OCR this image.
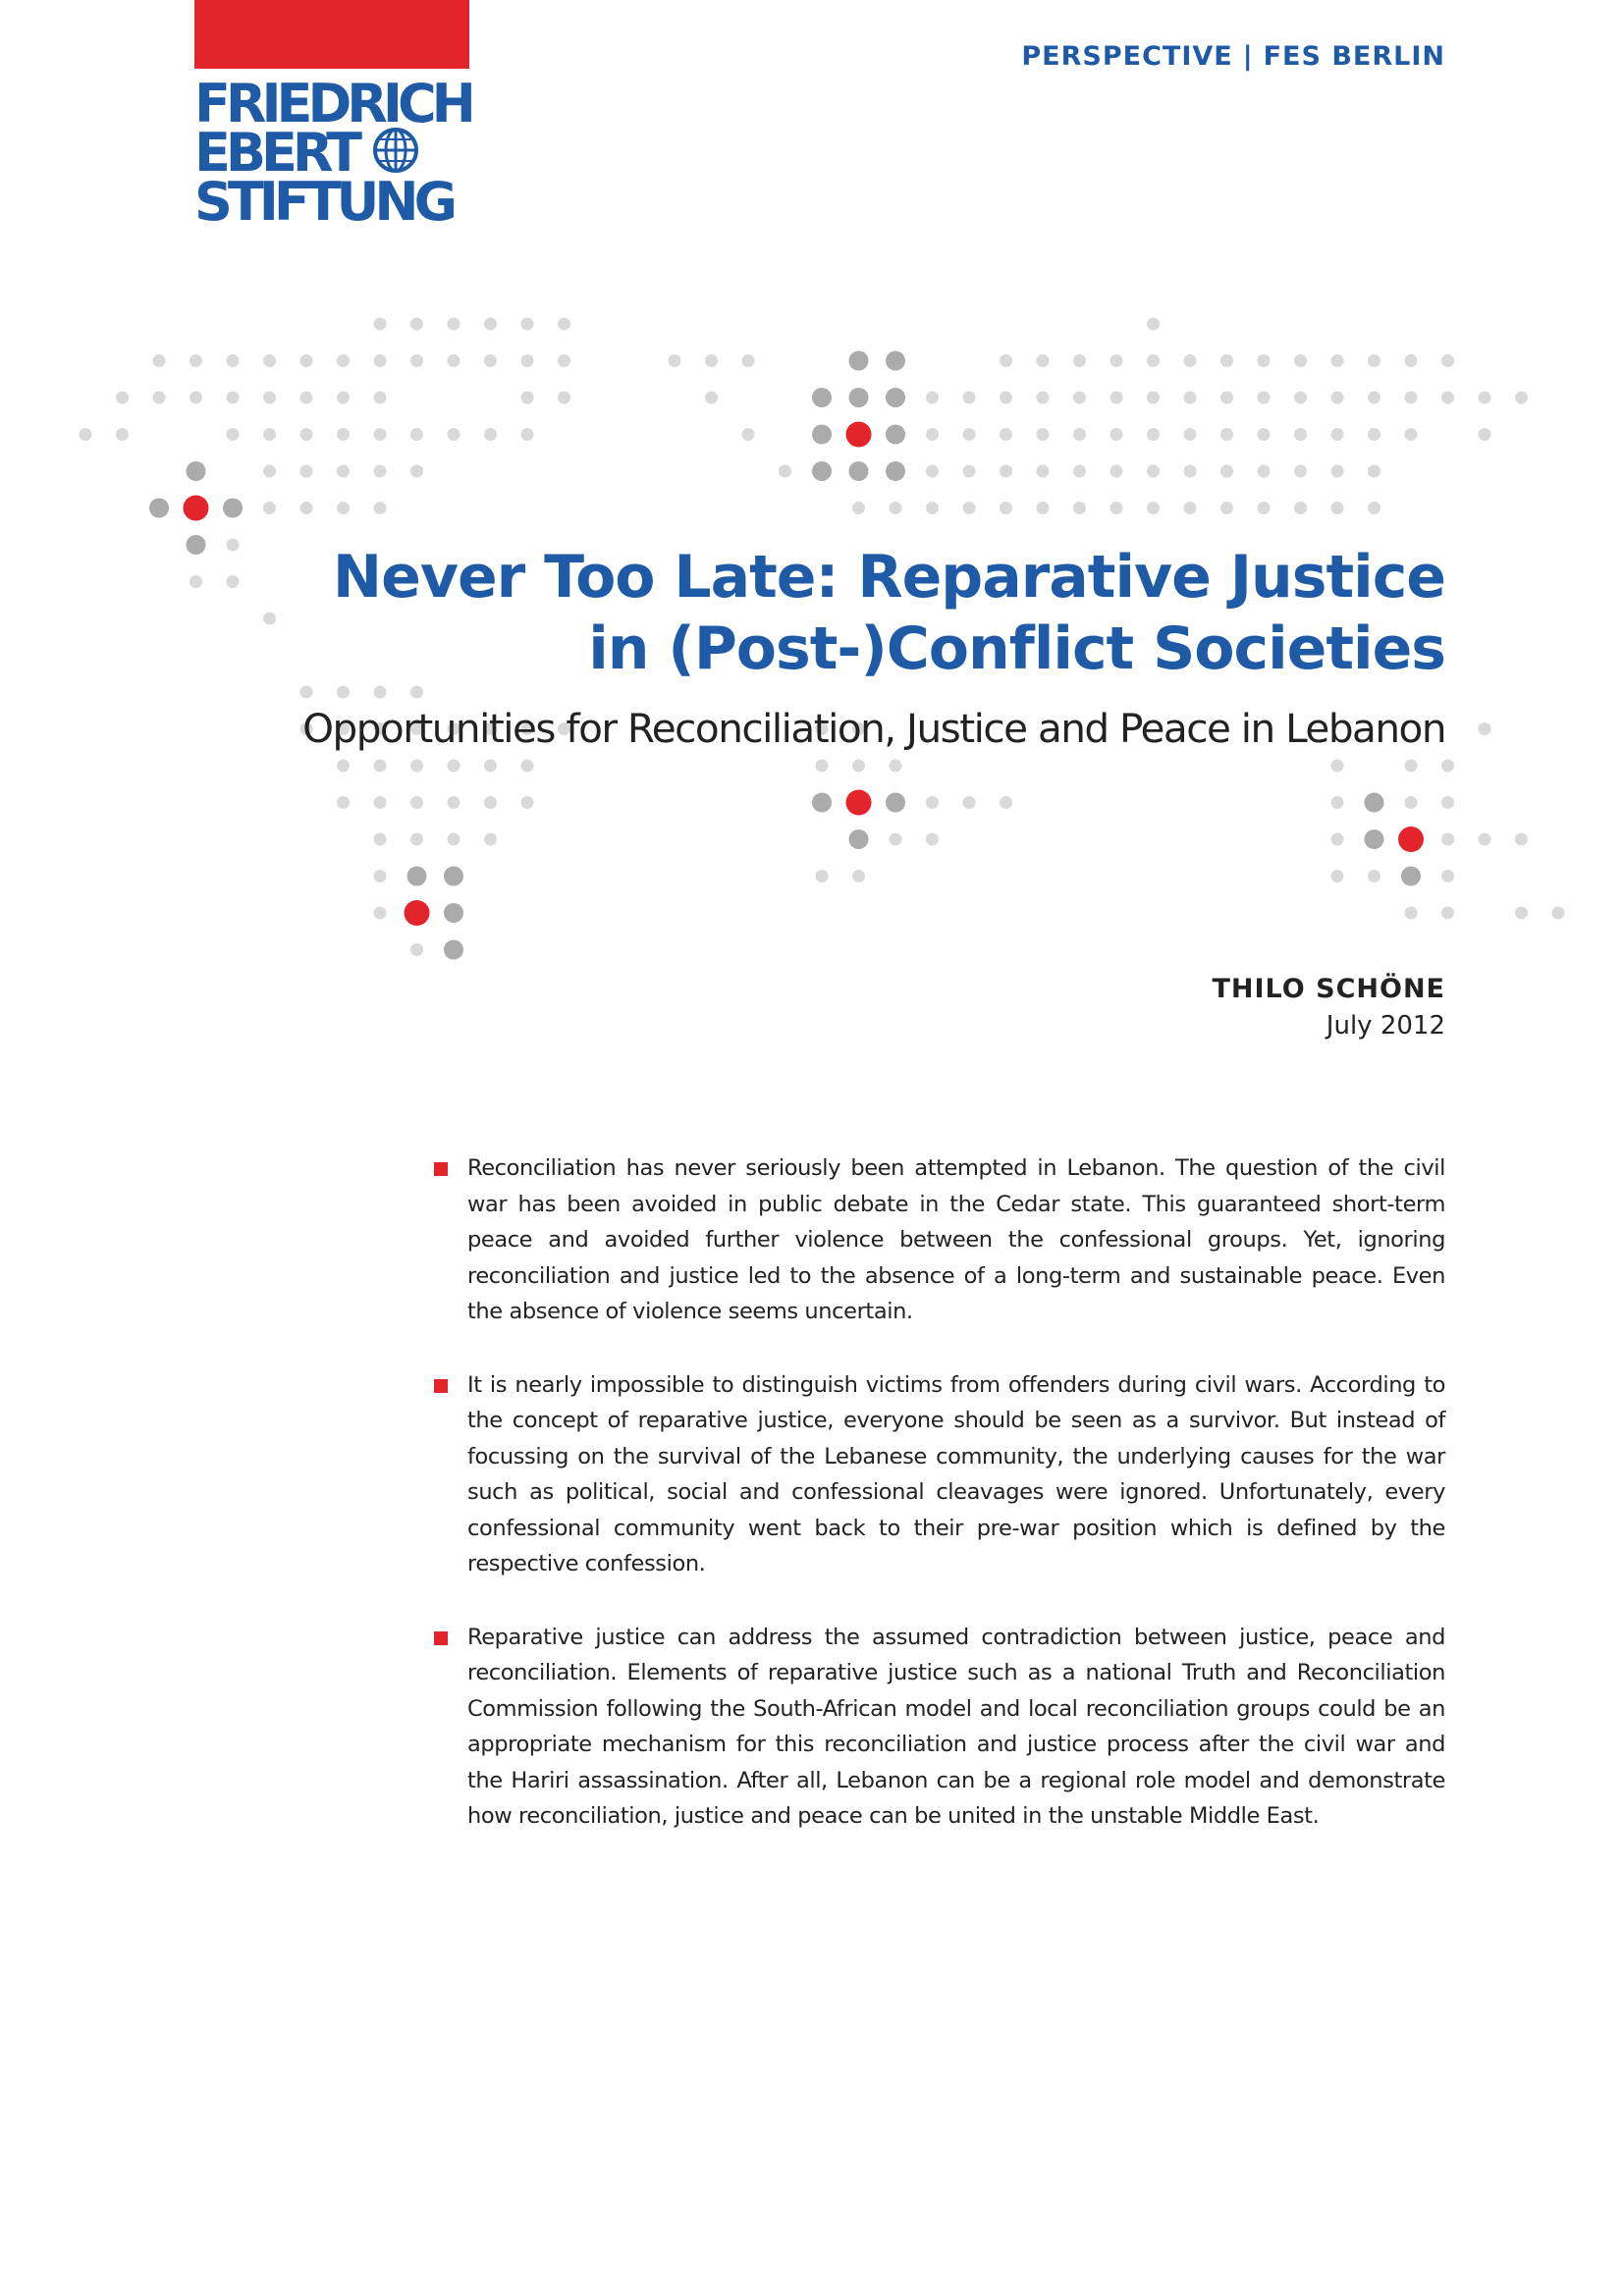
FRIEDRICH
EBERT
STIFTUNG
PERSPECTIVE | FES BERLIN
Never Too Late: Reparative Justice
in (Post-)Conflict Societies
Opportunities for Reconciliation, Justice and Peace in Lebanon
THILO SCHÖNE
July 2012

Reconciliation has never seriously been attempted in Lebanon. The question of the civil war has been avoided in public debate in the Cedar state. This guaranteed short-term peace and avoided further violence between the confessional groups. Yet, ignoring reconciliation and justice led to the absence of a long-term and sustainable peace. Even the absence of violence seems uncertain.

It is nearly impossible to distinguish victims from offenders during civil wars. According to the concept of reparative justice, everyone should be seen as a survivor. But instead of focussing on the survival of the Lebanese community, the underlying causes for the war such as political, social and confessional cleavages were ignored. Unfortunately, every confessional community went back to their pre-war position which is defined by the respective confession.

Reparative justice can address the assumed contradiction between justice, peace and reconciliation. Elements of reparative justice such as a national Truth and Reconciliation Commission following the South-African model and local reconciliation groups could be an appropriate mechanism for this reconciliation and justice process after the civil war and the Hariri assassination. After all, Lebanon can be a regional role model and demonstrate how reconciliation, justice and peace can be united in the unstable Middle East.
